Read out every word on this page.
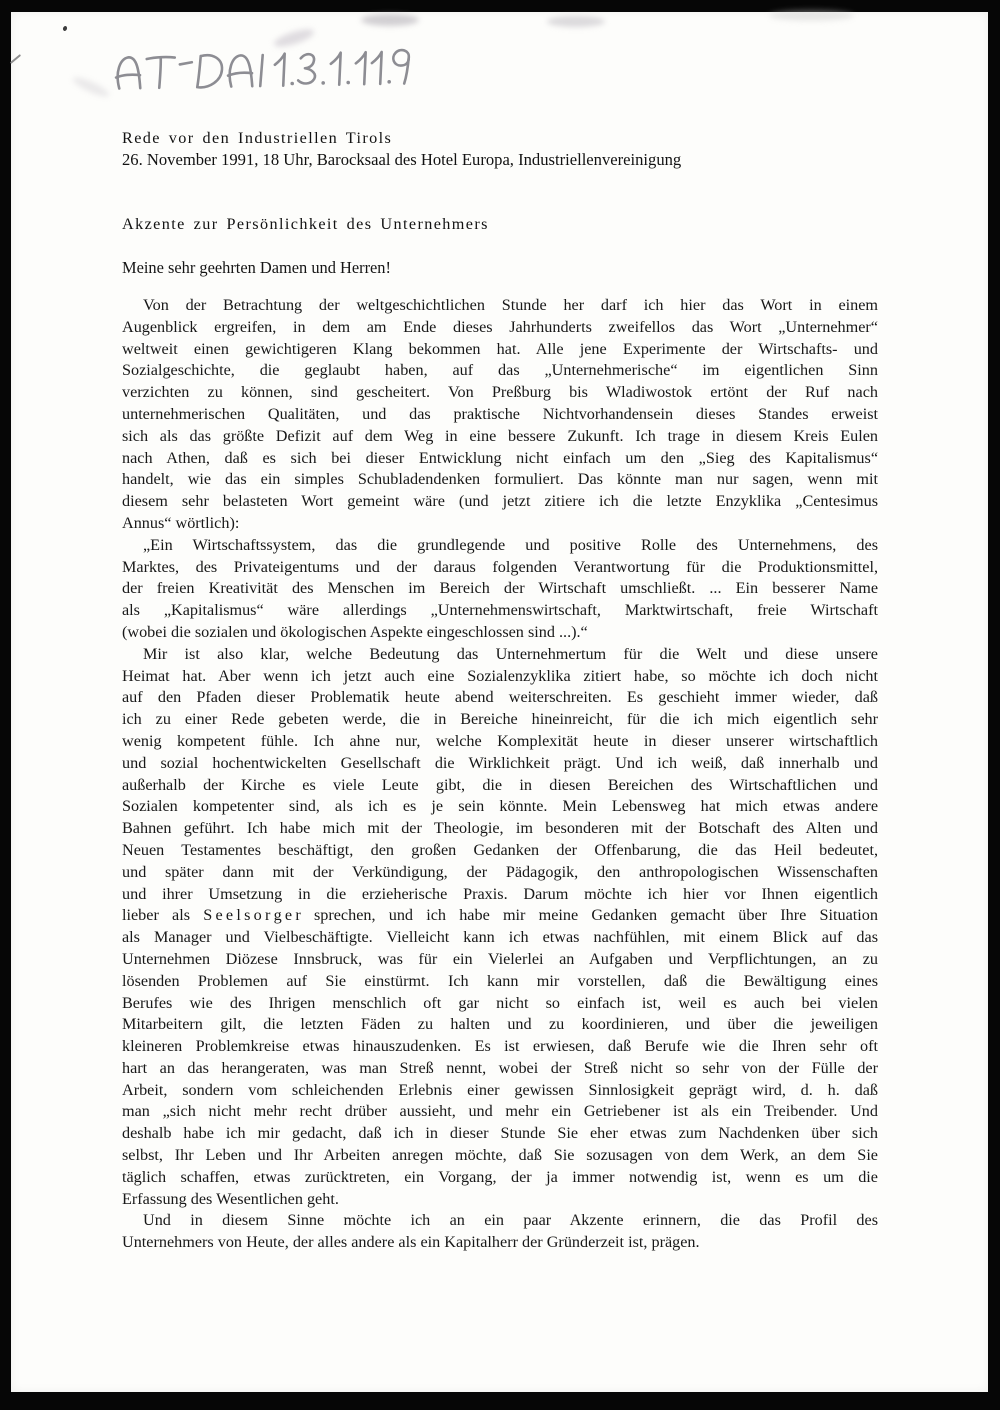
Rede vor den Industriellen Tirols
26. November 1991, 18 Uhr, Barocksaal des Hotel Europa, Industriellenvereinigung
Akzente zur Persönlichkeit des Unternehmers
Meine sehr geehrten Damen und Herren!
Von der Betrachtung der weltgeschichtlichen Stunde her darf ich hier das Wort in einem
Augenblick ergreifen, in dem am Ende dieses Jahrhunderts zweifellos das Wort „Unternehmer“
weltweit einen gewichtigeren Klang bekommen hat. Alle jene Experimente der Wirtschafts- und
Sozialgeschichte, die geglaubt haben, auf das „Unternehmerische“ im eigentlichen Sinn
verzichten zu können, sind gescheitert. Von Preßburg bis Wladiwostok ertönt der Ruf nach
unternehmerischen Qualitäten, und das praktische Nichtvorhandensein dieses Standes erweist
sich als das größte Defizit auf dem Weg in eine bessere Zukunft. Ich trage in diesem Kreis Eulen
nach Athen, daß es sich bei dieser Entwicklung nicht einfach um den „Sieg des Kapitalismus“
handelt, wie das ein simples Schubladendenken formuliert. Das könnte man nur sagen, wenn mit
diesem sehr belasteten Wort gemeint wäre (und jetzt zitiere ich die letzte Enzyklika „Centesimus
Annus“ wörtlich):
„Ein Wirtschaftssystem, das die grundlegende und positive Rolle des Unternehmens, des
Marktes, des Privateigentums und der daraus folgenden Verantwortung für die Produktionsmittel,
der freien Kreativität des Menschen im Bereich der Wirtschaft umschließt. ... Ein besserer Name
als „Kapitalismus“ wäre allerdings „Unternehmenswirtschaft, Marktwirtschaft, freie Wirtschaft
(wobei die sozialen und ökologischen Aspekte eingeschlossen sind ...).“
Mir ist also klar, welche Bedeutung das Unternehmertum für die Welt und diese unsere
Heimat hat. Aber wenn ich jetzt auch eine Sozialenzyklika zitiert habe, so möchte ich doch nicht
auf den Pfaden dieser Problematik heute abend weiterschreiten. Es geschieht immer wieder, daß
ich zu einer Rede gebeten werde, die in Bereiche hineinreicht, für die ich mich eigentlich sehr
wenig kompetent fühle. Ich ahne nur, welche Komplexität heute in dieser unserer wirtschaftlich
und sozial hochentwickelten Gesellschaft die Wirklichkeit prägt. Und ich weiß, daß innerhalb und
außerhalb der Kirche es viele Leute gibt, die in diesen Bereichen des Wirtschaftlichen und
Sozialen kompetenter sind, als ich es je sein könnte. Mein Lebensweg hat mich etwas andere
Bahnen geführt. Ich habe mich mit der Theologie, im besonderen mit der Botschaft des Alten und
Neuen Testamentes beschäftigt, den großen Gedanken der Offenbarung, die das Heil bedeutet,
und später dann mit der Verkündigung, der Pädagogik, den anthropologischen Wissenschaften
und ihrer Umsetzung in die erzieherische Praxis. Darum möchte ich hier vor Ihnen eigentlich
lieber als S e e l s o r g e r sprechen, und ich habe mir meine Gedanken gemacht über Ihre Situation
als Manager und Vielbeschäftigte. Vielleicht kann ich etwas nachfühlen, mit einem Blick auf das
Unternehmen Diözese Innsbruck, was für ein Vielerlei an Aufgaben und Verpflichtungen, an zu
lösenden Problemen auf Sie einstürmt. Ich kann mir vorstellen, daß die Bewältigung eines
Berufes wie des Ihrigen menschlich oft gar nicht so einfach ist, weil es auch bei vielen
Mitarbeitern gilt, die letzten Fäden zu halten und zu koordinieren, und über die jeweiligen
kleineren Problemkreise etwas hinauszudenken. Es ist erwiesen, daß Berufe wie die Ihren sehr oft
hart an das herangeraten, was man Streß nennt, wobei der Streß nicht so sehr von der Fülle der
Arbeit, sondern vom schleichenden Erlebnis einer gewissen Sinnlosigkeit geprägt wird, d. h. daß
man „sich nicht mehr recht drüber aussieht, und mehr ein Getriebener ist als ein Treibender. Und
deshalb habe ich mir gedacht, daß ich in dieser Stunde Sie eher etwas zum Nachdenken über sich
selbst, Ihr Leben und Ihr Arbeiten anregen möchte, daß Sie sozusagen von dem Werk, an dem Sie
täglich schaffen, etwas zurücktreten, ein Vorgang, der ja immer notwendig ist, wenn es um die
Erfassung des Wesentlichen geht.
Und in diesem Sinne möchte ich an ein paar Akzente erinnern, die das Profil des
Unternehmers von Heute, der alles andere als ein Kapitalherr der Gründerzeit ist, prägen.
